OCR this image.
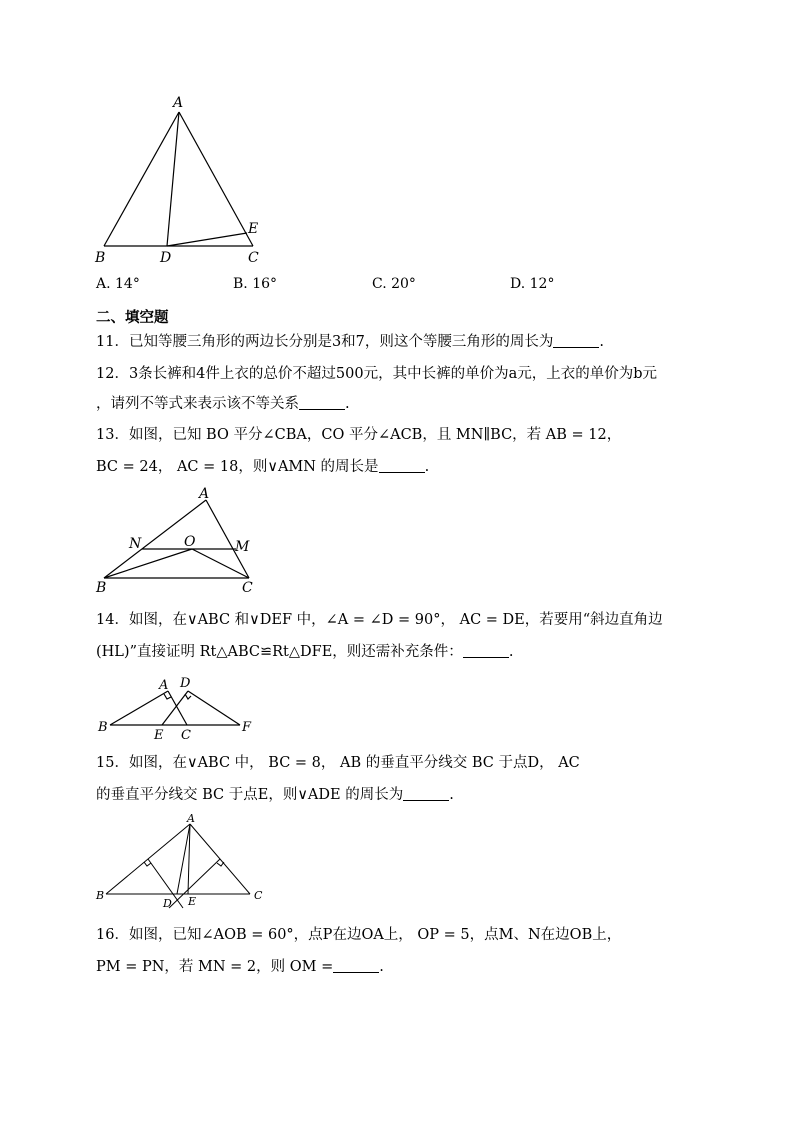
A
B	D	C
E
A. 14°	B. 16°	C. 20°	D. 12°
二、填空题
11．已知等腰三角形的两边长分别是3和7，则这个等腰三角形的周长为	.
12．3条长裤和4件上衣的总价不超过500元，其中长裤的单价为a元，上衣的单价为b元
，请列不等式来表示该不等关系	.
13．如图，已知 BO 平分∠CBA，CO 平分∠ACB，且 MN∥BC，若 AB = 12，
BC = 24， AC = 18，则∨AMN 的周长是	.
A
N	O	M
B	C
14．如图，在∨ABC 和∨DEF 中，∠A = ∠D = 90°， AC = DE，若要用“斜边直角边
(HL)”直接证明 Rt△ABC≌Rt△DFE，则还需补充条件：	.
A D
B
E C
F
15．如图，在∨ABC 中， BC = 8， AB 的垂直平分线交 BC 于点D， AC
的垂直平分线交 BC 于点E，则∨ADE 的周长为	.
A
B	C
D E
16．如图，已知∠AOB = 60°，点P在边OA上， OP = 5，点M、N在边OB上，
PM = PN，若 MN = 2，则 OM =	.
